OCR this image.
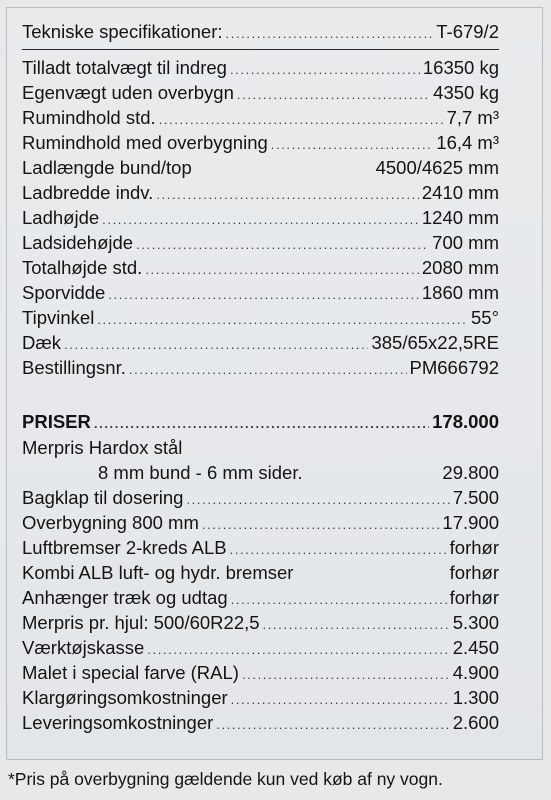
Tekniske specifikationer: .....	T-679/2
Tilladt totalvægt til indreg .....	16350 kg
Egenvægt uden overbygn .....	4350 kg
Rumindhold std. .....	7,7 m³
Rumindhold med overbygning .....	16,4 m³
Ladlængde bund/top	4500/4625 mm
Ladbredde indv. .....	2410 mm
Ladhøjde .....	1240 mm
Ladsidehøjde .....	700 mm
Totalhøjde std. .....	2080 mm
Sporvidde .....	1860 mm
Tipvinkel .....	55°
Dæk .....	385/65x22,5RE
Bestillingsnr. .....	PM666792
PRISER .....	178.000
Merpris Hardox stål
8 mm bund - 6 mm sider.	29.800
Bagklap til dosering .....	7.500
Overbygning 800 mm .....	17.900
Luftbremser 2-kreds ALB .....	forhør
Kombi ALB luft- og hydr. bremser	forhør
Anhænger træk og udtag .....	forhør
Merpris pr. hjul: 500/60R22,5 .....	5.300
Værktøjskasse .....	2.450
Malet i special farve (RAL) .....	4.900
Klargøringsomkostninger .....	1.300
Leveringsomkostninger .....	2.600
*Pris på overbygning gældende kun ved køb af ny vogn.
